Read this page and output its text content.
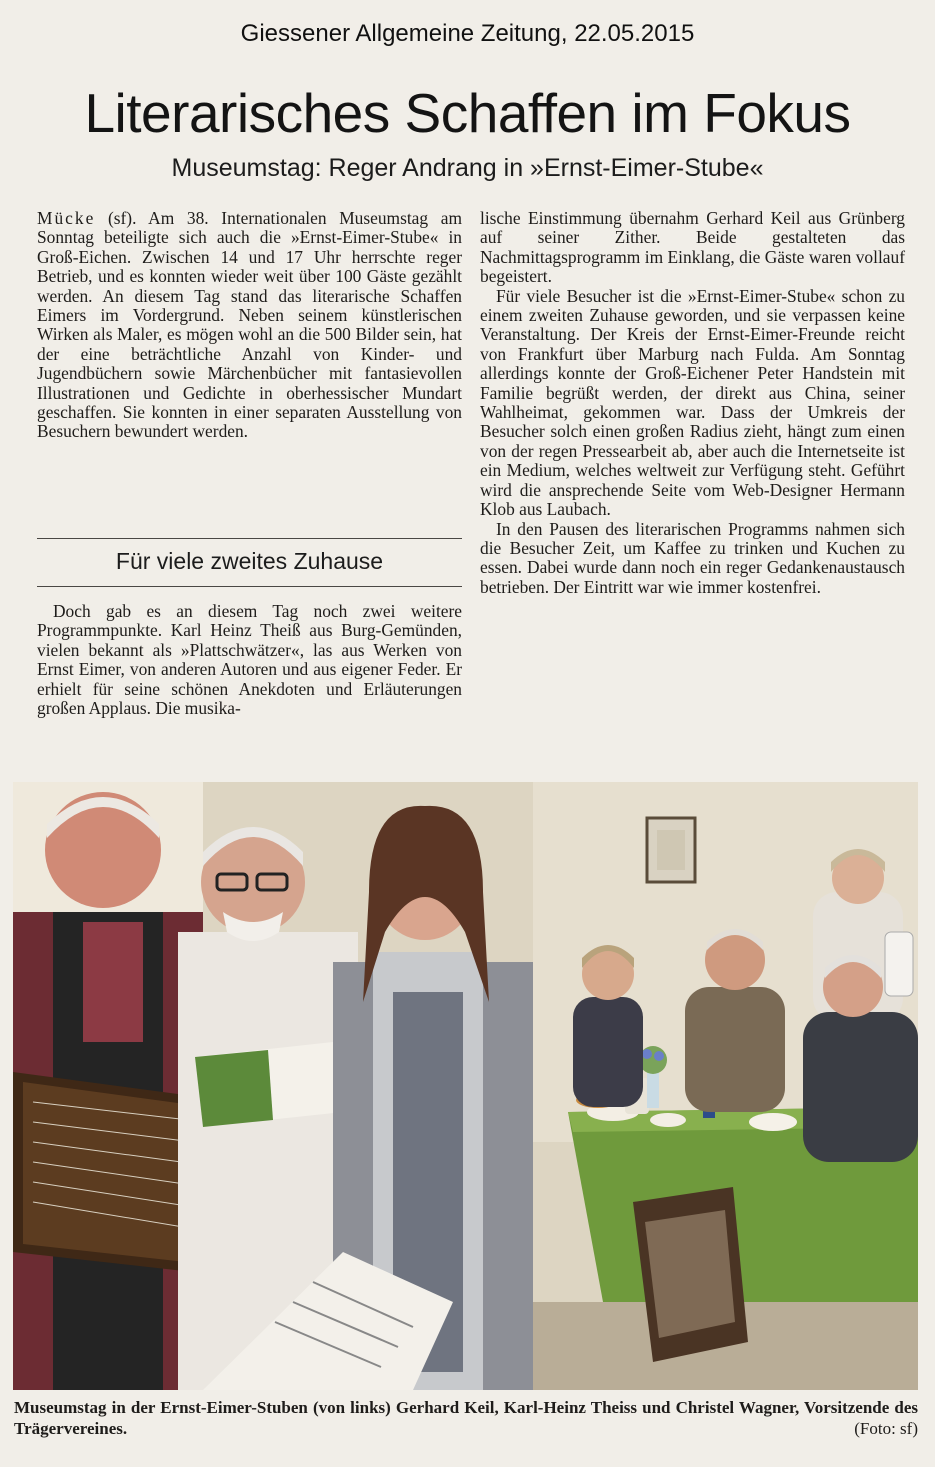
Giessener Allgemeine Zeitung, 22.05.2015
Literarisches Schaffen im Fokus
Museumstag: Reger Andrang in »Ernst-Eimer-Stube«

Mücke (sf). Am 38. Internationalen Museumstag am Sonntag beteiligte sich auch die »Ernst-Eimer-Stube« in Groß-Eichen. Zwischen 14 und 17 Uhr herrschte reger Betrieb, und es konnten wieder weit über 100 Gäste gezählt werden. An diesem Tag stand das literarische Schaffen Eimers im Vordergrund. Neben seinem künstlerischen Wirken als Maler, es mögen wohl an die 500 Bilder sein, hat der eine beträchtliche Anzahl von Kinder- und Jugendbüchern sowie Märchenbücher mit fantasievollen Illustrationen und Gedichte in oberhessischer Mundart geschaffen. Sie konnten in einer separaten Ausstellung von Besuchern bewundert werden.

Für viele zweites Zuhause

Doch gab es an diesem Tag noch zwei weitere Programmpunkte. Karl Heinz Theiß aus Burg-Gemünden, vielen bekannt als »Plattschwätzer«, las aus Werken von Ernst Eimer, von anderen Autoren und aus eigener Feder. Er erhielt für seine schönen Anekdoten und Erläuterungen großen Applaus. Die musika-

lische Einstimmung übernahm Gerhard Keil aus Grünberg auf seiner Zither. Beide gestalteten das Nachmittagsprogramm im Einklang, die Gäste waren vollauf begeistert.

Für viele Besucher ist die »Ernst-Eimer-Stube« schon zu einem zweiten Zuhause geworden, und sie verpassen keine Veranstaltung. Der Kreis der Ernst-Eimer-Freunde reicht von Frankfurt über Marburg nach Fulda. Am Sonntag allerdings konnte der Groß-Eichener Peter Handstein mit Familie begrüßt werden, der direkt aus China, seiner Wahlheimat, gekommen war. Dass der Umkreis der Besucher solch einen großen Radius zieht, hängt zum einen von der regen Pressearbeit ab, aber auch die Internetseite ist ein Medium, welches weltweit zur Verfügung steht. Geführt wird die ansprechende Seite vom Web-Designer Hermann Klob aus Laubach.

In den Pausen des literarischen Programms nahmen sich die Besucher Zeit, um Kaffee zu trinken und Kuchen zu essen. Dabei wurde dann noch ein reger Gedankenaustausch betrieben. Der Eintritt war wie immer kostenfrei.

Museumstag in der Ernst-Eimer-Stuben (von links) Gerhard Keil, Karl-Heinz Theiss und Christel Wagner, Vorsitzende des Trägervereines.	(Foto: sf)
